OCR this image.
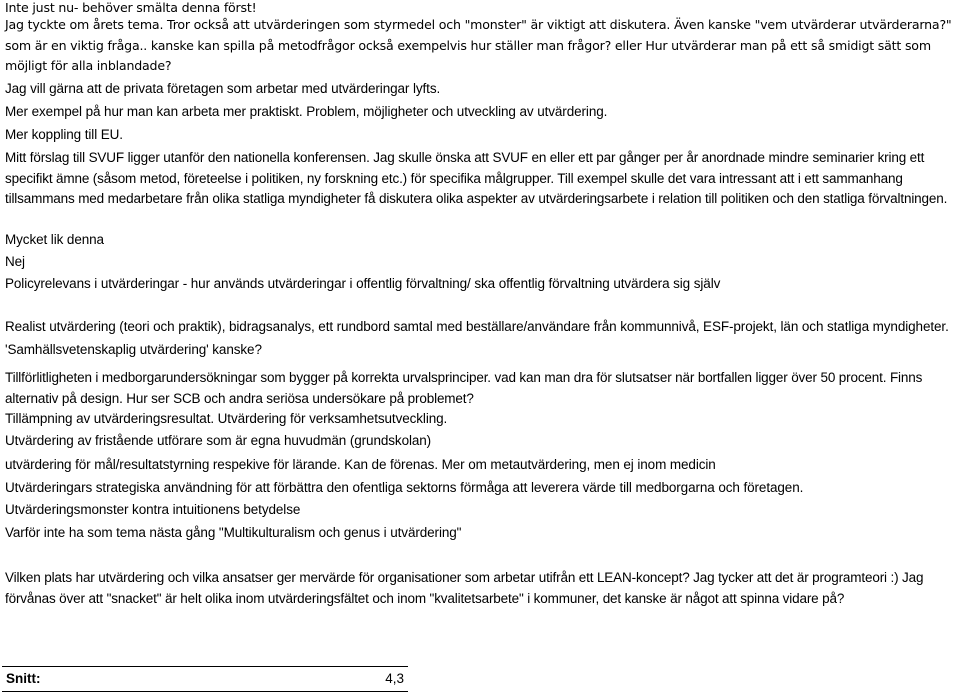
Inte just nu- behöver smälta denna först!
Jag tyckte om årets tema. Tror också att utvärderingen som styrmedel och "monster" är viktigt att diskutera. Även kanske "vem utvärderar utvärderarna?" som är en viktig fråga.. kanske kan spilla på metodfrågor också exempelvis hur ställer man frågor? eller Hur utvärderar man på ett så smidigt sätt som möjligt för alla inblandade?
Jag vill gärna att de privata företagen som arbetar med utvärderingar lyfts.
Mer exempel på hur man kan arbeta mer praktiskt. Problem, möjligheter och utveckling av utvärdering.
Mer koppling till EU.
Mitt förslag till SVUF ligger utanför den nationella konferensen. Jag skulle önska att SVUF en eller ett par gånger per år anordnade mindre seminarier kring ett specifikt ämne (såsom metod, företeelse i politiken, ny forskning etc.) för specifika målgrupper. Till exempel skulle det vara intressant att i ett sammanhang tillsammans med medarbetare från olika statliga myndigheter få diskutera olika aspekter av utvärderingsarbete i relation till politiken och den statliga förvaltningen.
Mycket lik denna
Nej
Policyrelevans i utvärderingar - hur används utvärderingar i offentlig förvaltning/ ska offentlig förvaltning utvärdera sig själv
Realist utvärdering (teori och praktik), bidragsanalys, ett rundbord samtal med beställare/användare från kommunnivå, ESF-projekt, län och statliga myndigheter.
'Samhällsvetenskaplig utvärdering' kanske?
Tillförlitligheten i medborgarundersökningar som bygger på korrekta urvalsprinciper. vad kan man dra för slutsatser när bortfallen ligger över 50 procent. Finns alternativ på design. Hur ser SCB och andra seriösa undersökare på problemet?
Tillämpning av utvärderingsresultat. Utvärdering för verksamhetsutveckling.
Utvärdering av fristående utförare som är egna huvudmän (grundskolan)
utvärdering för mål/resultatstyrning respekive för lärande. Kan de förenas. Mer om metautvärdering, men ej inom medicin
Utvärderingars strategiska användning för att förbättra den ofentliga sektorns förmåga att leverera värde till medborgarna och företagen.
Utvärderingsmonster kontra intuitionens betydelse
Varför inte ha som tema nästa gång "Multikulturalism och genus i utvärdering"
Vilken plats har utvärdering och vilka ansatser ger mervärde för organisationer som arbetar utifrån ett LEAN-koncept? Jag tycker att det är programteori :) Jag förvånas över att "snacket" är helt olika inom utvärderingsfältet och inom "kvalitetsarbete" i kommuner, det kanske är något att spinna vidare på?
Snitt:	4,3
